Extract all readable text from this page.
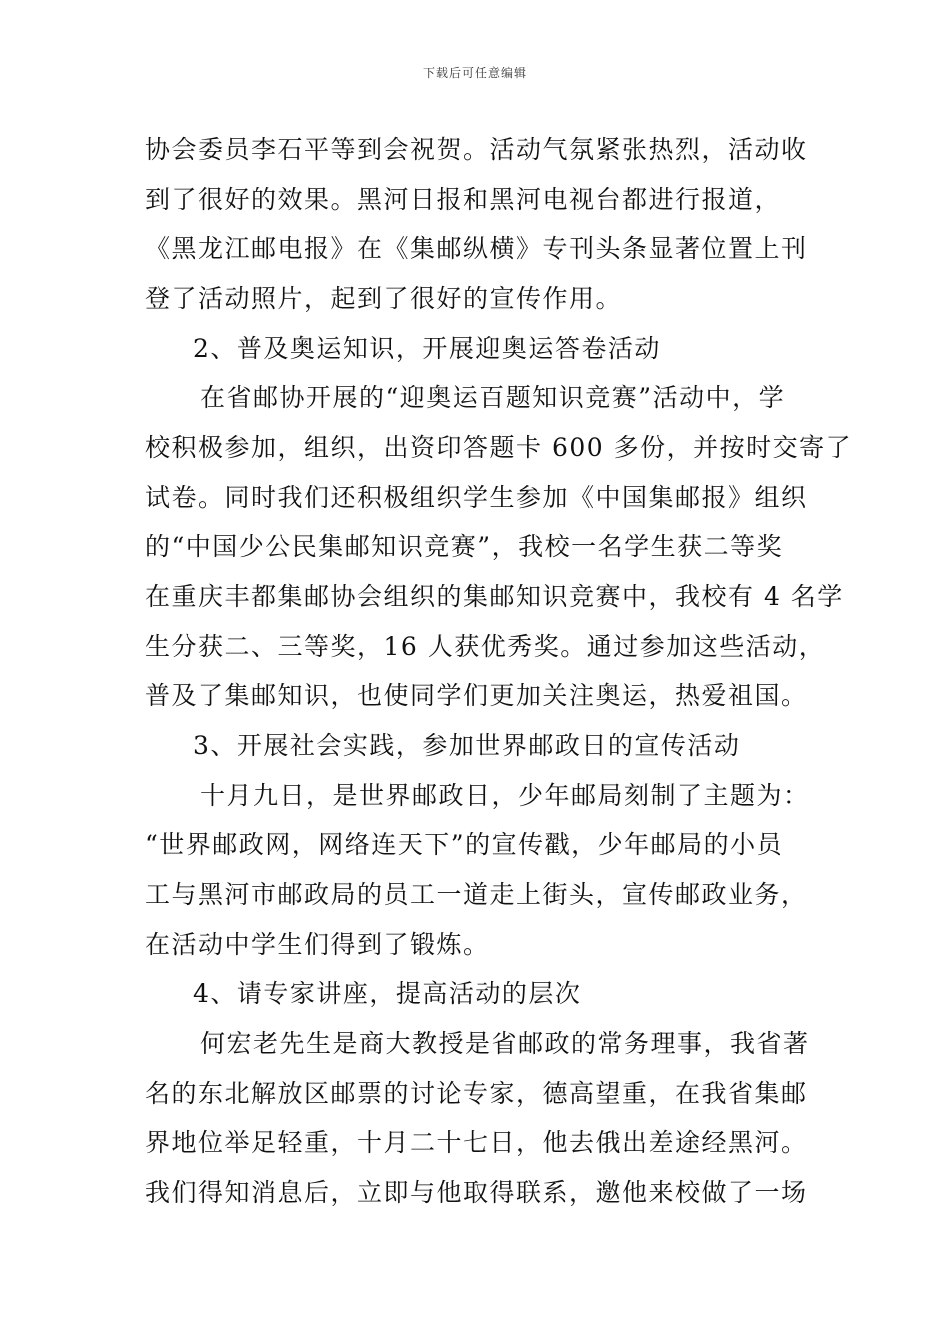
下载后可任意编辑
协会委员李石平等到会祝贺。活动气氛紧张热烈，活动收
到了很好的效果。黑河日报和黑河电视台都进行报道，
《黑龙江邮电报》在《集邮纵横》专刊头条显著位置上刊
登了活动照片，起到了很好的宣传作用。
2、普及奥运知识，开展迎奥运答卷活动
在省邮协开展的“迎奥运百题知识竞赛”活动中，学
校积极参加，组织，出资印答题卡 600 多份，并按时交寄了
试卷。同时我们还积极组织学生参加《中国集邮报》组织
的“中国少公民集邮知识竞赛”，我校一名学生获二等奖
在重庆丰都集邮协会组织的集邮知识竞赛中，我校有 4 名学
生分获二、三等奖，16 人获优秀奖。通过参加这些活动，
普及了集邮知识，也使同学们更加关注奥运，热爱祖国。
3、开展社会实践，参加世界邮政日的宣传活动
十月九日，是世界邮政日，少年邮局刻制了主题为：
“世界邮政网，网络连天下”的宣传戳，少年邮局的小员
工与黑河市邮政局的员工一道走上街头，宣传邮政业务，
在活动中学生们得到了锻炼。
4、请专家讲座，提高活动的层次
何宏老先生是商大教授是省邮政的常务理事，我省著
名的东北解放区邮票的讨论专家，德高望重，在我省集邮
界地位举足轻重，十月二十七日，他去俄出差途经黑河。
我们得知消息后，立即与他取得联系，邀他来校做了一场
